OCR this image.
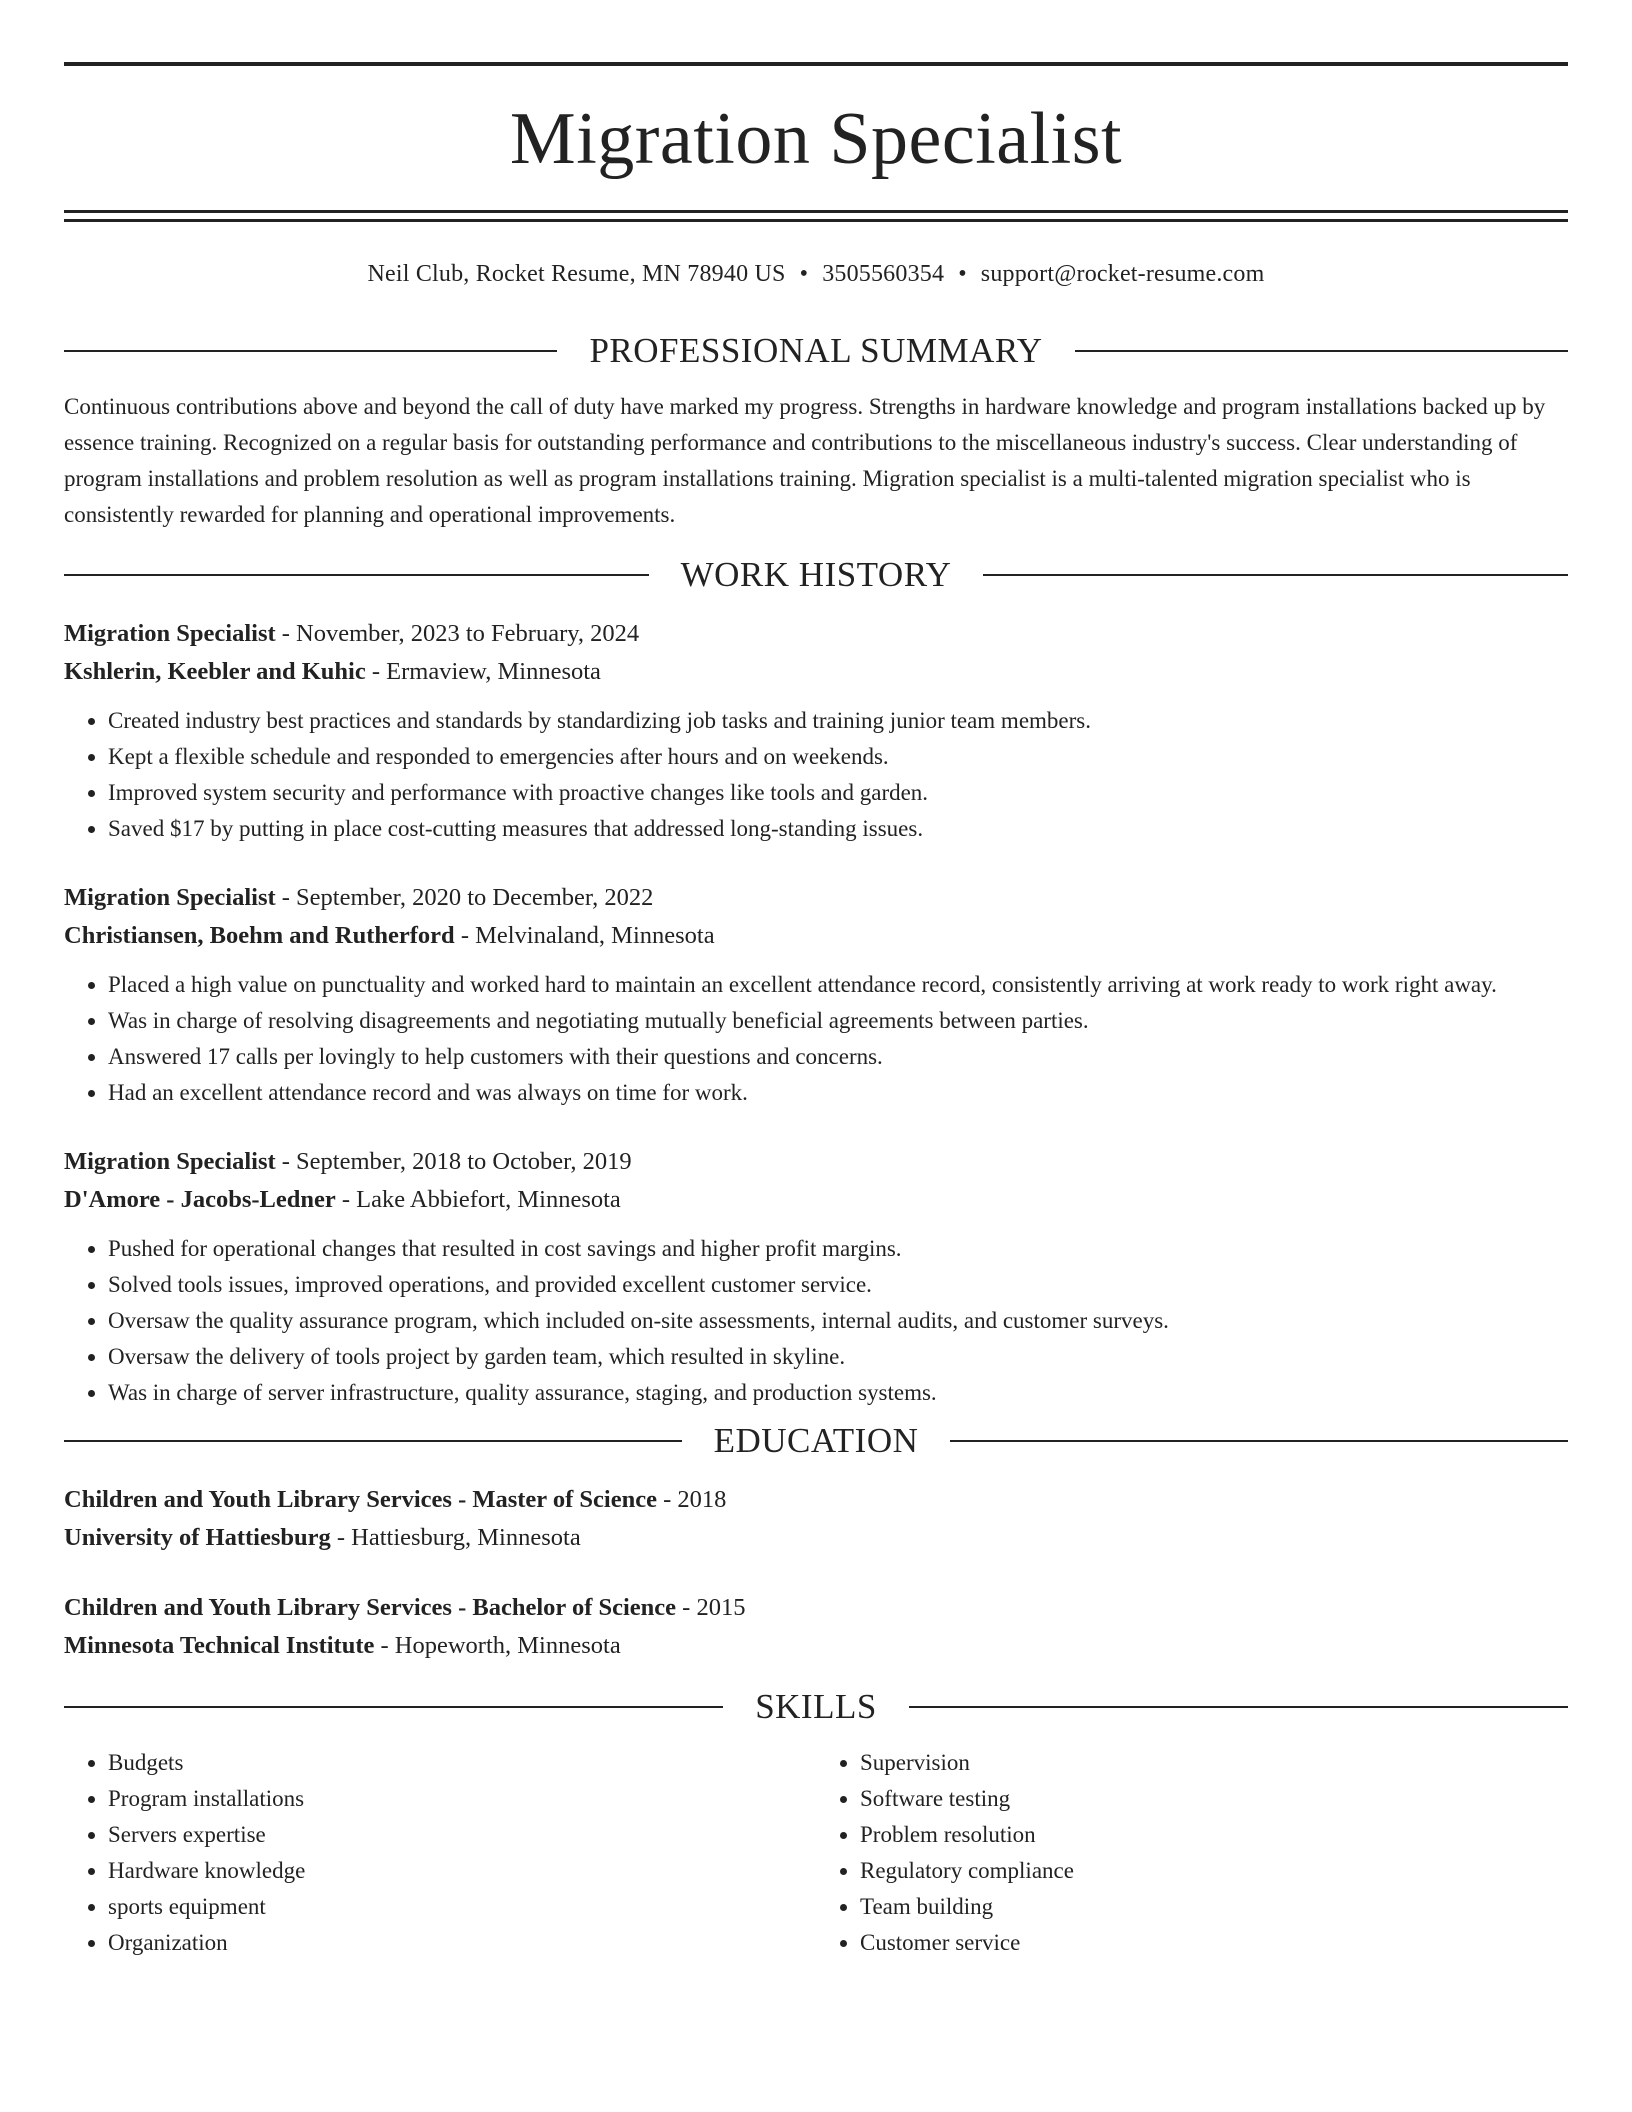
Migration Specialist
Neil Club, Rocket Resume, MN 78940 US • 3505560354 • support@rocket-resume.com
PROFESSIONAL SUMMARY

Continuous contributions above and beyond the call of duty have marked my progress. Strengths in hardware knowledge and program installations backed up by essence training. Recognized on a regular basis for outstanding performance and contributions to the miscellaneous industry's success. Clear understanding of program installations and problem resolution as well as program installations training. Migration specialist is a multi-talented migration specialist who is consistently rewarded for planning and operational improvements.

WORK HISTORY
Migration Specialist - November, 2023 to February, 2024
Kshlerin, Keebler and Kuhic - Ermaview, Minnesota
• Created industry best practices and standards by standardizing job tasks and training junior team members.
• Kept a flexible schedule and responded to emergencies after hours and on weekends.
• Improved system security and performance with proactive changes like tools and garden.
• Saved $17 by putting in place cost-cutting measures that addressed long-standing issues.
Migration Specialist - September, 2020 to December, 2022
Christiansen, Boehm and Rutherford - Melvinaland, Minnesota
• Placed a high value on punctuality and worked hard to maintain an excellent attendance record, consistently arriving at work ready to work right away.
• Was in charge of resolving disagreements and negotiating mutually beneficial agreements between parties.
• Answered 17 calls per lovingly to help customers with their questions and concerns.
• Had an excellent attendance record and was always on time for work.
Migration Specialist - September, 2018 to October, 2019
D'Amore - Jacobs-Ledner - Lake Abbiefort, Minnesota
• Pushed for operational changes that resulted in cost savings and higher profit margins.
• Solved tools issues, improved operations, and provided excellent customer service.
• Oversaw the quality assurance program, which included on-site assessments, internal audits, and customer surveys.
• Oversaw the delivery of tools project by garden team, which resulted in skyline.
• Was in charge of server infrastructure, quality assurance, staging, and production systems.
EDUCATION
Children and Youth Library Services - Master of Science - 2018
University of Hattiesburg - Hattiesburg, Minnesota
Children and Youth Library Services - Bachelor of Science - 2015
Minnesota Technical Institute - Hopeworth, Minnesota
SKILLS
• Budgets
• Program installations
• Servers expertise
• Hardware knowledge
• sports equipment
• Organization
• Supervision
• Software testing
• Problem resolution
• Regulatory compliance
• Team building
• Customer service
